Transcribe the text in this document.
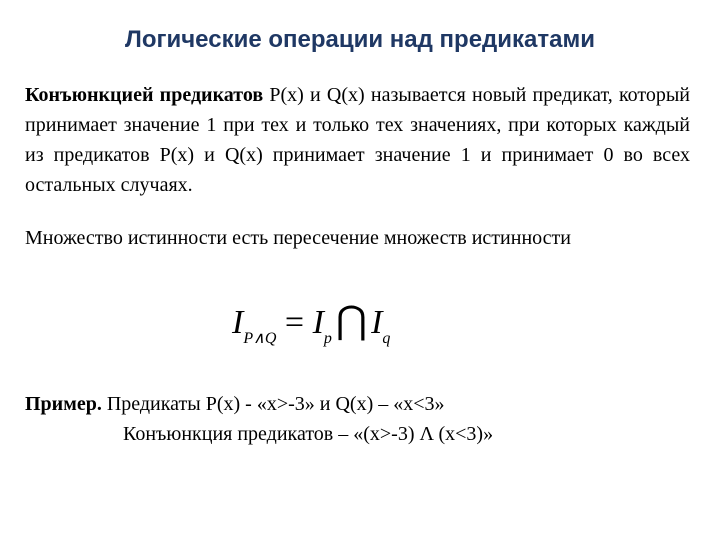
Логические операции над предикатами
Конъюнкцией предикатов P(x) и Q(x) называется новый предикат, который принимает значение 1 при тех и только тех значениях, при которых каждый из предикатов P(x) и Q(x) принимает значение 1 и принимает 0 во всех остальных случаях.
Множество истинности есть пересечение множеств истинности
$I_{P\wedge Q} = I_p$ ⋂ $I_q$
Пример. Предикаты P(x) - «x>-3» и Q(x) – «x<3»
Конъюнкция предикатов – «(x>-3) Λ (x<3)»
